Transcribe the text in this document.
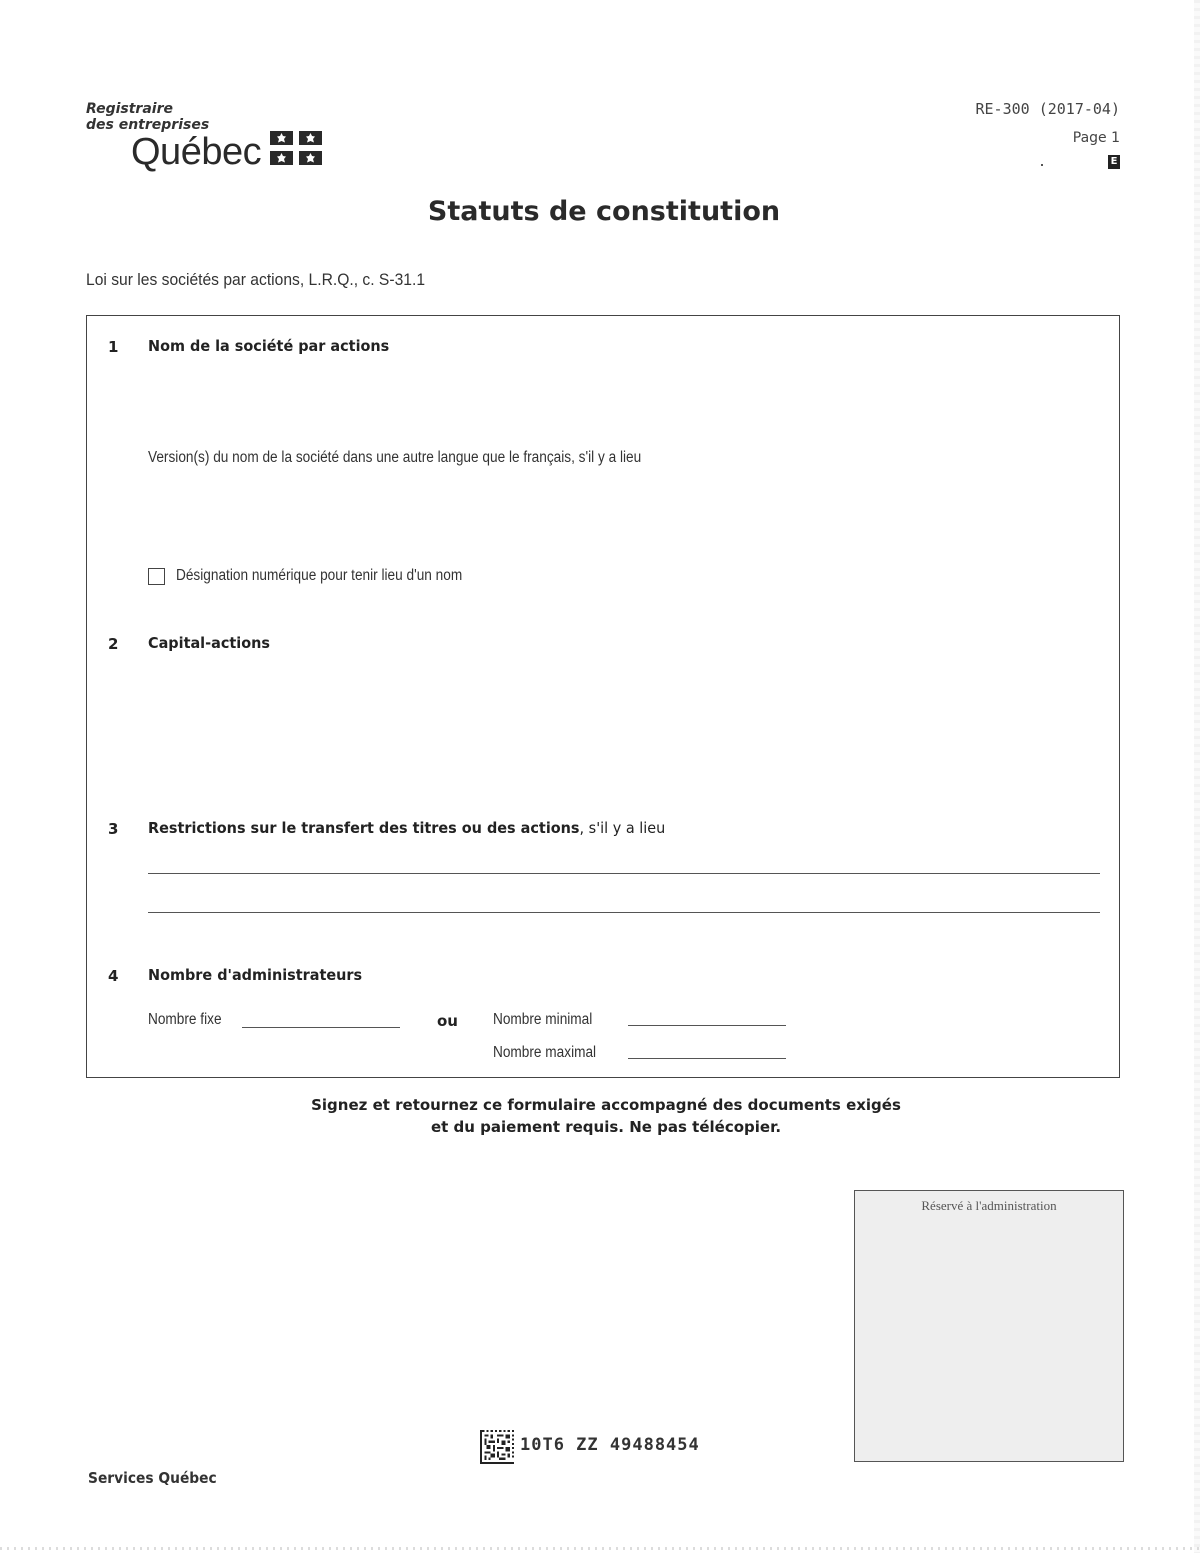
Registraire
des entreprises
Québec
RE-300 (2017-04)
Page 1
E
Statuts de constitution
Loi sur les sociétés par actions, L.R.Q., c. S-31.1
1 Nom de la société par actions
Version(s) du nom de la société dans une autre langue que le français, s'il y a lieu
Désignation numérique pour tenir lieu d'un nom
2 Capital-actions
3 Restrictions sur le transfert des titres ou des actions, s'il y a lieu
4 Nombre d'administrateurs
Nombre fixe	ou Nombre minimal
Nombre maximal
Signez et retournez ce formulaire accompagné des documents exigés
et du paiement requis. Ne pas télécopier.
Réservé à l'administration
10T6 ZZ 49488454
Services Québec
